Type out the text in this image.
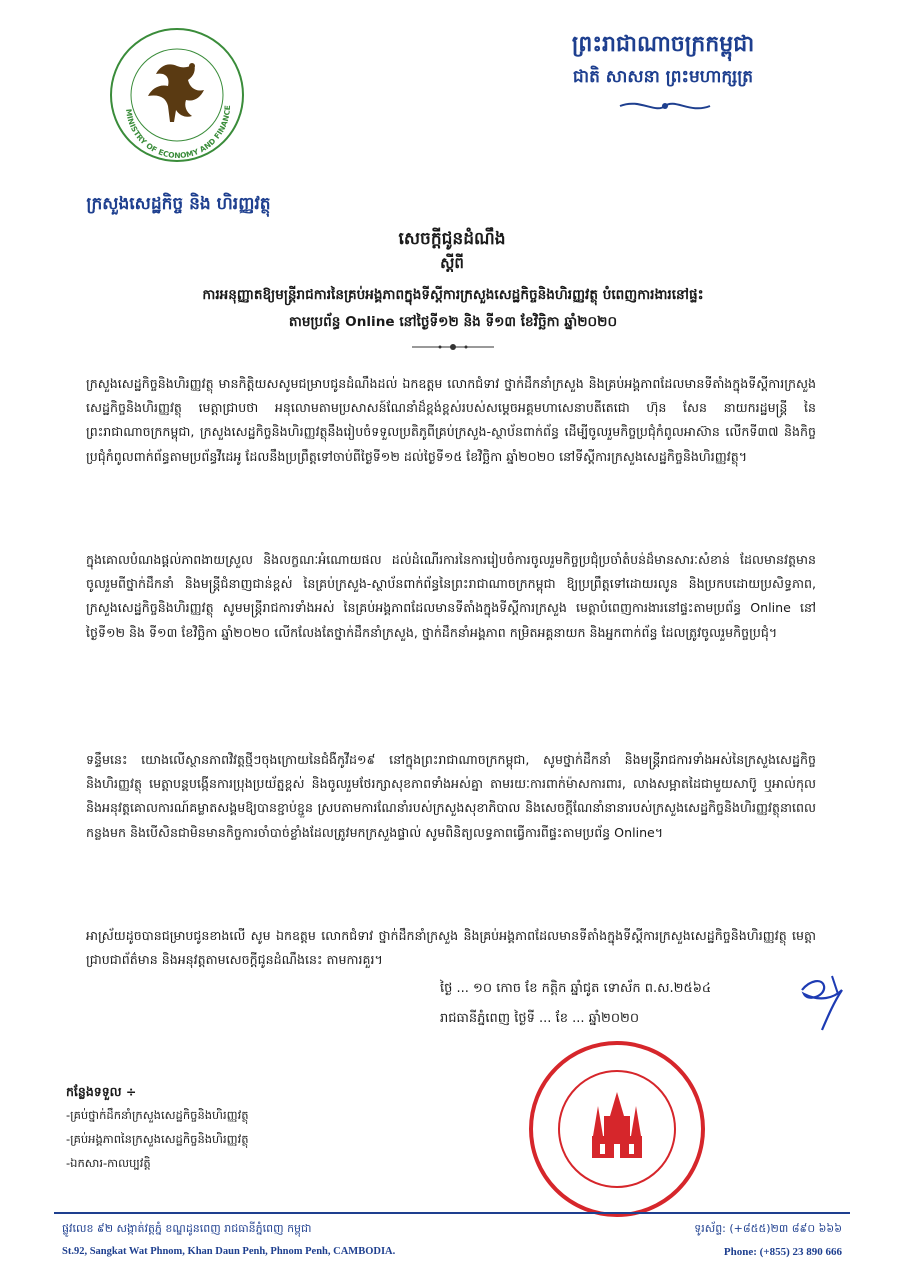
MINISTRY OF ECONOMY AND FINANCE
ក្រសួងសេដ្ឋកិច្ច និង ហិរញ្ញវត្ថុ
ព្រះរាជាណាចក្រកម្ពុជា
ជាតិ សាសនា ព្រះមហាក្សត្រ
សេចក្តីជូនដំណឹង
ស្តីពី
ការអនុញ្ញាតឱ្យមន្ត្រីរាជការនៃគ្រប់អង្គភាពក្នុងទីស្តីការក្រសួងសេដ្ឋកិច្ចនិងហិរញ្ញវត្ថុ បំពេញការងារនៅផ្ទះ
តាមប្រព័ន្ធ Online នៅថ្ងៃទី១២ និង ទី១៣ ខែវិច្ឆិកា ឆ្នាំ២០២០
ក្រសួងសេដ្ឋកិច្ចនិងហិរញ្ញវត្ថុ មានកិត្តិយសសូមជម្រាបជូនដំណឹងដល់ ឯកឧត្តម លោកជំទាវ ថ្នាក់ដឹកនាំក្រសួង និងគ្រប់អង្គភាពដែលមានទីតាំងក្នុងទីស្តីការក្រសួងសេដ្ឋកិច្ចនិងហិរញ្ញវត្ថុ មេត្តាជ្រាបថា អនុលោមតាមប្រសាសន៍ណែនាំដ៏ខ្ពង់ខ្ពស់របស់សម្តេចអគ្គមហាសេនាបតីតេជោ ហ៊ុន សែន នាយករដ្ឋមន្ត្រី នៃព្រះរាជាណាចក្រកម្ពុជា, ក្រសួងសេដ្ឋកិច្ចនិងហិរញ្ញវត្ថុនឹងរៀបចំទទួលប្រតិភូពីគ្រប់ក្រសួង-ស្ថាប័នពាក់ព័ន្ធ ដើម្បីចូលរួមកិច្ចប្រជុំកំពូលអាស៊ាន លើកទី៣៧ និងកិច្ចប្រជុំកំពូលពាក់ព័ន្ធតាមប្រព័ន្ធវីដេអូ ដែលនឹងប្រព្រឹត្តទៅចាប់ពីថ្ងៃទី១២ ដល់ថ្ងៃទី១៥ ខែវិច្ឆិកា ឆ្នាំ២០២០ នៅទីស្តីការក្រសួងសេដ្ឋកិច្ចនិងហិរញ្ញវត្ថុ។
ក្នុងគោលបំណងផ្តល់ភាពងាយស្រួល និងលក្ខណៈអំណោយផល ដល់ដំណើរការនៃការរៀបចំការចូលរួមកិច្ចប្រជុំប្រចាំតំបន់ដ៏មានសារៈសំខាន់ ដែលមានវត្តមានចូលរួមពីថ្នាក់ដឹកនាំ និងមន្ត្រីជំនាញជាន់ខ្ពស់ នៃគ្រប់ក្រសួង-ស្ថាប័នពាក់ព័ន្ធនៃព្រះរាជាណាចក្រកម្ពុជា ឱ្យប្រព្រឹត្តទៅដោយរលូន និងប្រកបដោយប្រសិទ្ធភាព, ក្រសួងសេដ្ឋកិច្ចនិងហិរញ្ញវត្ថុ សូមមន្ត្រីរាជការទាំងអស់ នៃគ្រប់អង្គភាពដែលមានទីតាំងក្នុងទីស្តីការក្រសួង មេត្តាបំពេញការងារនៅផ្ទះតាមប្រព័ន្ធ Online នៅថ្ងៃទី១២ និង ទី១៣ ខែវិច្ឆិកា ឆ្នាំ២០២០ លើកលែងតែថ្នាក់ដឹកនាំក្រសួង, ថ្នាក់ដឹកនាំអង្គភាព កម្រិតអគ្គនាយក និងអ្នកពាក់ព័ន្ធ ដែលត្រូវចូលរួមកិច្ចប្រជុំ។
ទន្ទឹមនេះ យោងលើស្ថានភាពវិវត្តថ្មីៗចុងក្រោយនៃជំងឺកូវីដ១៩ នៅក្នុងព្រះរាជាណាចក្រកម្ពុជា, សូមថ្នាក់ដឹកនាំ និងមន្ត្រីរាជការទាំងអស់នៃក្រសួងសេដ្ឋកិច្ចនិងហិរញ្ញវត្ថុ មេត្តាបន្តបង្កើនការប្រុងប្រយ័ត្នខ្ពស់ និងចូលរួមថែរក្សាសុខភាពទាំងអស់គ្នា តាមរយៈការពាក់ម៉ាសការពារ, លាងសម្អាតដៃជាមួយសាប៊ូ ឬអាល់កុល និងអនុវត្តគោលការណ៍គម្លាតសង្គមឱ្យបានខ្ជាប់ខ្ជួន ស្របតាមការណែនាំរបស់ក្រសួងសុខាភិបាល និងសេចក្តីណែនាំនានារបស់ក្រសួងសេដ្ឋកិច្ចនិងហិរញ្ញវត្ថុនាពេលកន្លងមក និងបើសិនជាមិនមានកិច្ចការចាំបាច់ខ្លាំងដែលត្រូវមកក្រសួងផ្ទាល់ សូមពិនិត្យលទ្ធភាពធ្វើការពីផ្ទះតាមប្រព័ន្ធ Online។
អាស្រ័យដូចបានជម្រាបជូនខាងលើ សូម ឯកឧត្តម លោកជំទាវ ថ្នាក់ដឹកនាំក្រសួង និងគ្រប់អង្គភាពដែលមានទីតាំងក្នុងទីស្តីការក្រសួងសេដ្ឋកិច្ចនិងហិរញ្ញវត្ថុ មេត្តាជ្រាបជាព័ត៌មាន និងអនុវត្តតាមសេចក្តីជូនដំណឹងនេះ តាមការគួរ។
ថ្ងៃ ... ១០ កោច ខែ កត្តិក ឆ្នាំជូត ទោស័ក ព.ស.២៥៦៤
រាជធានីភ្នំពេញ ថ្ងៃទី ... ខែ ... ឆ្នាំ២០២០
កន្លែងទទួល ÷
-គ្រប់ថ្នាក់ដឹកនាំក្រសួងសេដ្ឋកិច្ចនិងហិរញ្ញវត្ថុ
-គ្រប់អង្គភាពនៃក្រសួងសេដ្ឋកិច្ចនិងហិរញ្ញវត្ថុ
-ឯកសារ-កាលប្បវត្តិ
ផ្លូវលេខ ៩២ សង្កាត់វត្តភ្នំ ខណ្ឌដូនពេញ រាជធានីភ្នំពេញ កម្ពុជា
St.92, Sangkat Wat Phnom, Khan Daun Penh, Phnom Penh, CAMBODIA.
ទូរស័ព្ទ: (+៨៥៥)២៣ ៨៩០ ៦៦៦
Phone: (+855) 23 890 666
